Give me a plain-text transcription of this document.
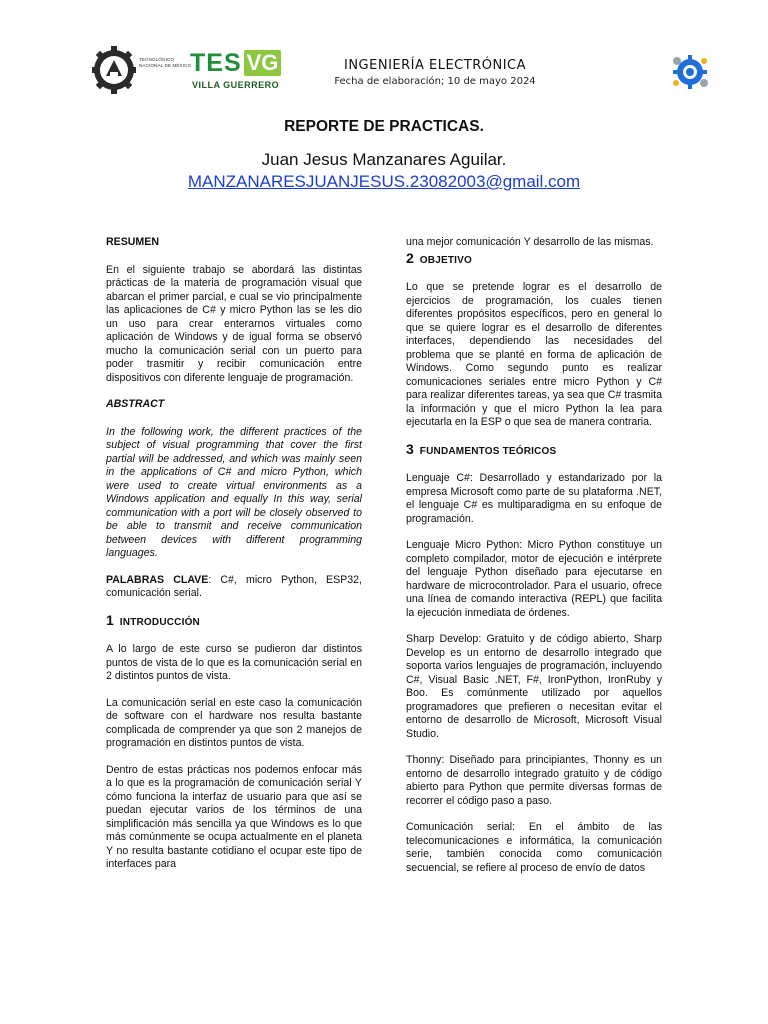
TECNOLÓGICO
NACIONAL DE MÉXICO
TES VG
VILLA GUERRERO
INGENIERÍA ELECTRÓNICA
Fecha de elaboración; 10 de mayo 2024
REPORTE DE PRACTICAS.
Juan Jesus Manzanares Aguilar.
MANZANARESJUANJESUS.23082003@gmail.com
RESUMEN

En el siguiente trabajo se abordará las distintas prácticas de la materia de programación visual que abarcan el primer parcial, e cual se vio principalmente las aplicaciones de C# y micro Python las se les dio un uso para crear enterarnos virtuales como aplicación de Windows y de igual forma se observó mucho la comunicación serial con un puerto para poder trasmitir y recibir comunicación entre dispositivos con diferente lenguaje de programación.

ABSTRACT

In the following work, the different practices of the subject of visual programming that cover the first partial will be addressed, and which was mainly seen in the applications of C# and micro Python, which were used to create virtual environments as a Windows application and equally In this way, serial communication with a port will be closely observed to be able to transmit and receive communication between devices with different programming languages.

PALABRAS CLAVE: C#, micro Python, ESP32, comunicación serial.

1 INTRODUCCIÓN

A lo largo de este curso se pudieron dar distintos puntos de vista de lo que es la comunicación serial en 2 distintos puntos de vista.

La comunicación serial en este caso la comunicación de software con el hardware nos resulta bastante complicada de comprender ya que son 2 manejos de programación en distintos puntos de vista.

Dentro de estas prácticas nos podemos enfocar más a lo que es la programación de comunicación serial Y cómo funciona la interfaz de usuario para que así se puedan ejecutar varios de los términos de una simplificación más sencilla ya que Windows es lo que más comúnmente se ocupa actualmente en el planeta Y no resulta bastante cotidiano el ocupar este tipo de interfaces para

una mejor comunicación Y desarrollo de las mismas.

2 OBJETIVO

Lo que se pretende lograr es el desarrollo de ejercicios de programación, los cuales tienen diferentes propósitos específicos, pero en general lo que se quiere lograr es el desarrollo de diferentes interfaces, dependiendo las necesidades del problema que se planté en forma de aplicación de Windows. Como segundo punto es realizar comunicaciones seriales entre micro Python y C# para realizar diferentes tareas, ya sea que C# trasmita la información y que el micro Python la lea para ejecutarla en la ESP o que sea de manera contraria.

3 FUNDAMENTOS TEÓRICOS

Lenguaje C#: Desarrollado y estandarizado por la empresa Microsoft como parte de su plataforma .NET, el lenguaje C# es multiparadigma en su enfoque de programación.

Lenguaje Micro Python: Micro Python constituye un completo compilador, motor de ejecución e intérprete del lenguaje Python diseñado para ejecutarse en hardware de microcontrolador. Para el usuario, ofrece una línea de comando interactiva (REPL) que facilita la ejecución inmediata de órdenes.

Sharp Develop: Gratuito y de código abierto, Sharp Develop es un entorno de desarrollo integrado que soporta varios lenguajes de programación, incluyendo C#, Visual Basic .NET, F#, IronPython, IronRuby y Boo. Es comúnmente utilizado por aquellos programadores que prefieren o necesitan evitar el entorno de desarrollo de Microsoft, Microsoft Visual Studio.

Thonny: Diseñado para principiantes, Thonny es un entorno de desarrollo integrado gratuito y de código abierto para Python que permite diversas formas de recorrer el código paso a paso.

Comunicación serial: En el ámbito de las telecomunicaciones e informática, la comunicación serie, también conocida como comunicación secuencial, se refiere al proceso de envío de datos
